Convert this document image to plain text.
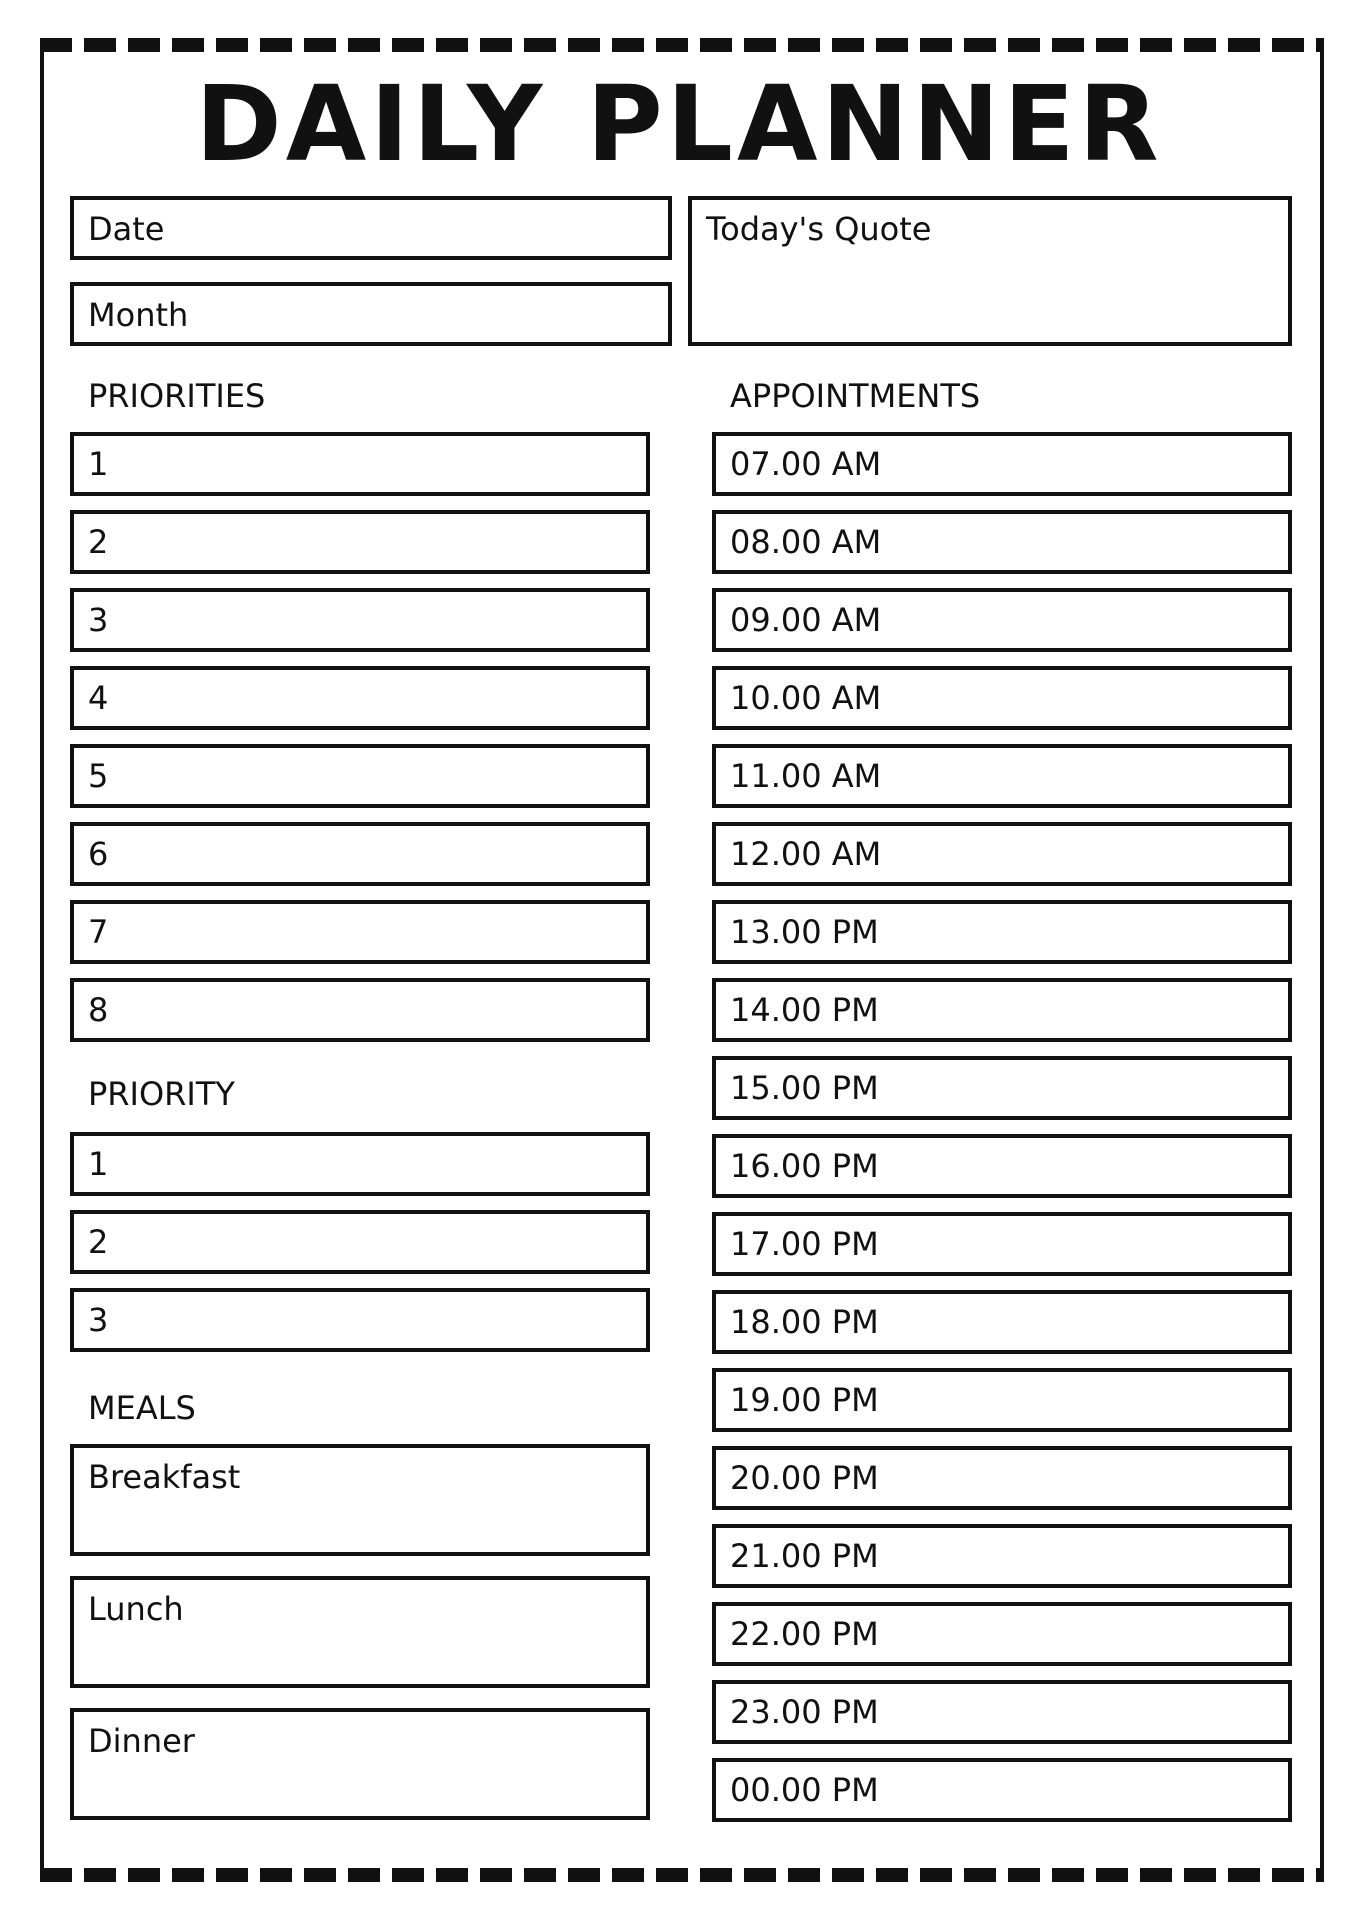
DAILY PLANNER
Date
Month
Today's Quote
PRIORITIES
1
2
3
4
5
6
7
8
PRIORITY
1
2
3
MEALS
Breakfast
Lunch
Dinner
APPOINTMENTS
07.00 AM
08.00 AM
09.00 AM
10.00 AM
11.00 AM
12.00 AM
13.00 PM
14.00 PM
15.00 PM
16.00 PM
17.00 PM
18.00 PM
19.00 PM
20.00 PM
21.00 PM
22.00 PM
23.00 PM
00.00 PM
